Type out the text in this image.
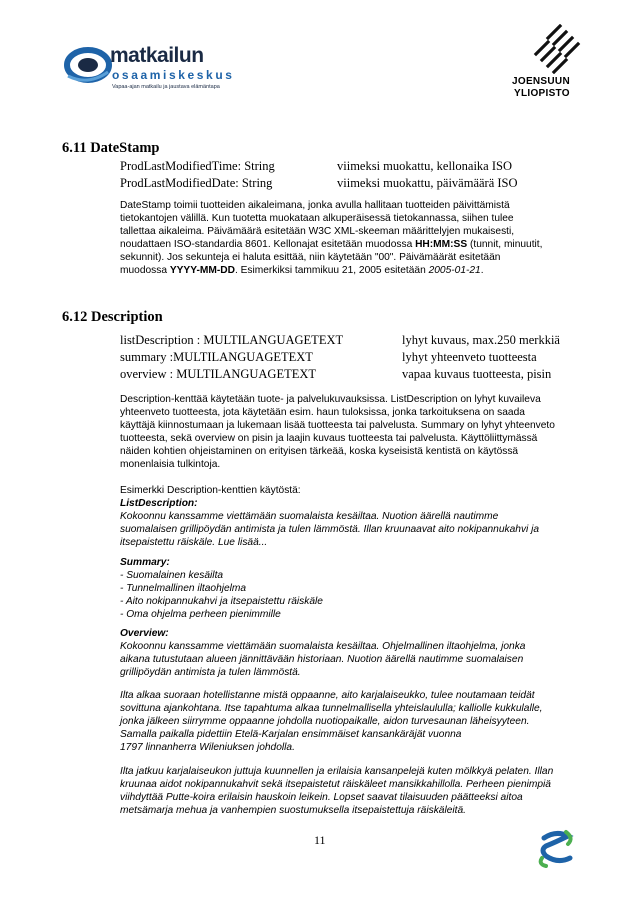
matkailun
osaamiskeskus
Vapaa-ajan matkailu ja jaustava elämäntapa	JOENSUUN
YLIOPISTO
6.11 DateStamp
ProdLastModifiedTime: String	viimeksi muokattu, kellonaika ISO
ProdLastModifiedDate: String	viimeksi muokattu, päivämäärä ISO
DateStamp toimii tuotteiden aikaleimana, jonka avulla hallitaan tuotteiden päivittämistä
tietokantojen välillä. Kun tuotetta muokataan alkuperäisessä tietokannassa, siihen tulee
tallettaa aikaleima. Päivämäärä esitetään W3C XML-skeeman määrittelyjen mukaisesti,
noudattaen ISO-standardia 8601. Kellonajat esitetään muodossa HH:MM:SS (tunnit, minuutit,
sekunnit). Jos sekunteja ei haluta esittää, niin käytetään "00". Päivämäärät esitetään
muodossa YYYY-MM-DD. Esimerkiksi tammikuu 21, 2005 esitetään 2005-01-21.
6.12 Description
listDescription : MULTILANGUAGETEXT	lyhyt kuvaus, max.250 merkkiä
summary :MULTILANGUAGETEXT	lyhyt yhteenveto tuotteesta
overview : MULTILANGUAGETEXT	vapaa kuvaus tuotteesta, pisin
Description-kenttää käytetään tuote- ja palvelukuvauksissa. ListDescription on lyhyt kuvaileva
yhteenveto tuotteesta, jota käytetään esim. haun tuloksissa, jonka tarkoituksena on saada
käyttäjä kiinnostumaan ja lukemaan lisää tuotteesta tai palvelusta. Summary on lyhyt yhteenveto
tuotteesta, sekä overview on pisin ja laajin kuvaus tuotteesta tai palvelusta. Käyttöliittymässä
näiden kohtien ohjeistaminen on erityisen tärkeää, koska kyseisistä kentistä on käytössä
monenlaisia tulkintoja.
Esimerkki Description-kenttien käytöstä:
ListDescription:
Kokoonnu kanssamme viettämään suomalaista kesäiltaa. Nuotion äärellä nautimme
suomalaisen grillipöydän antimista ja tulen lämmöstä. Illan kruunaavat aito nokipannukahvi ja
itsepaistettu räiskäle. Lue lisää...
Summary:
- Suomalainen kesäilta
- Tunnelmallinen iltaohjelma
- Aito nokipannukahvi ja itsepaistettu räiskäle
- Oma ohjelma perheen pienimmille
Overview:
Kokoonnu kanssamme viettämään suomalaista kesäiltaa. Ohjelmallinen iltaohjelma, jonka
aikana tutustutaan alueen jännittävään historiaan. Nuotion äärellä nautimme suomalaisen
grillipöydän antimista ja tulen lämmöstä.
Ilta alkaa suoraan hotellistanne mistä oppaanne, aito karjalaiseukko, tulee noutamaan teidät
sovittuna ajankohtana. Itse tapahtuma alkaa tunnelmallisella yhteislaululla; kalliolle kukkulalle,
jonka jälkeen siirrymme oppaanne johdolla nuotiopaikalle, aidon turvesaunan läheisyyteen.
Samalla paikalla pidettiin Etelä-Karjalan ensimmäiset kansankäräjät vuonna
1797 linnanherra Wileniuksen johdolla.
Ilta jatkuu karjalaiseukon juttuja kuunnellen ja erilaisia kansanpelejä kuten mölkkyä pelaten. Illan
kruunaa aidot nokipannukahvit sekä itsepaistetut räiskäleet mansikkahillolla. Perheen pienimpiä
viihdyttää Putte-koira erilaisin hauskoin leikein. Lopset saavat tilaisuuden päätteeksi aitoa
metsämarja mehua ja vanhempien suostumuksella itsepaistettuja räiskäleitä.
11
